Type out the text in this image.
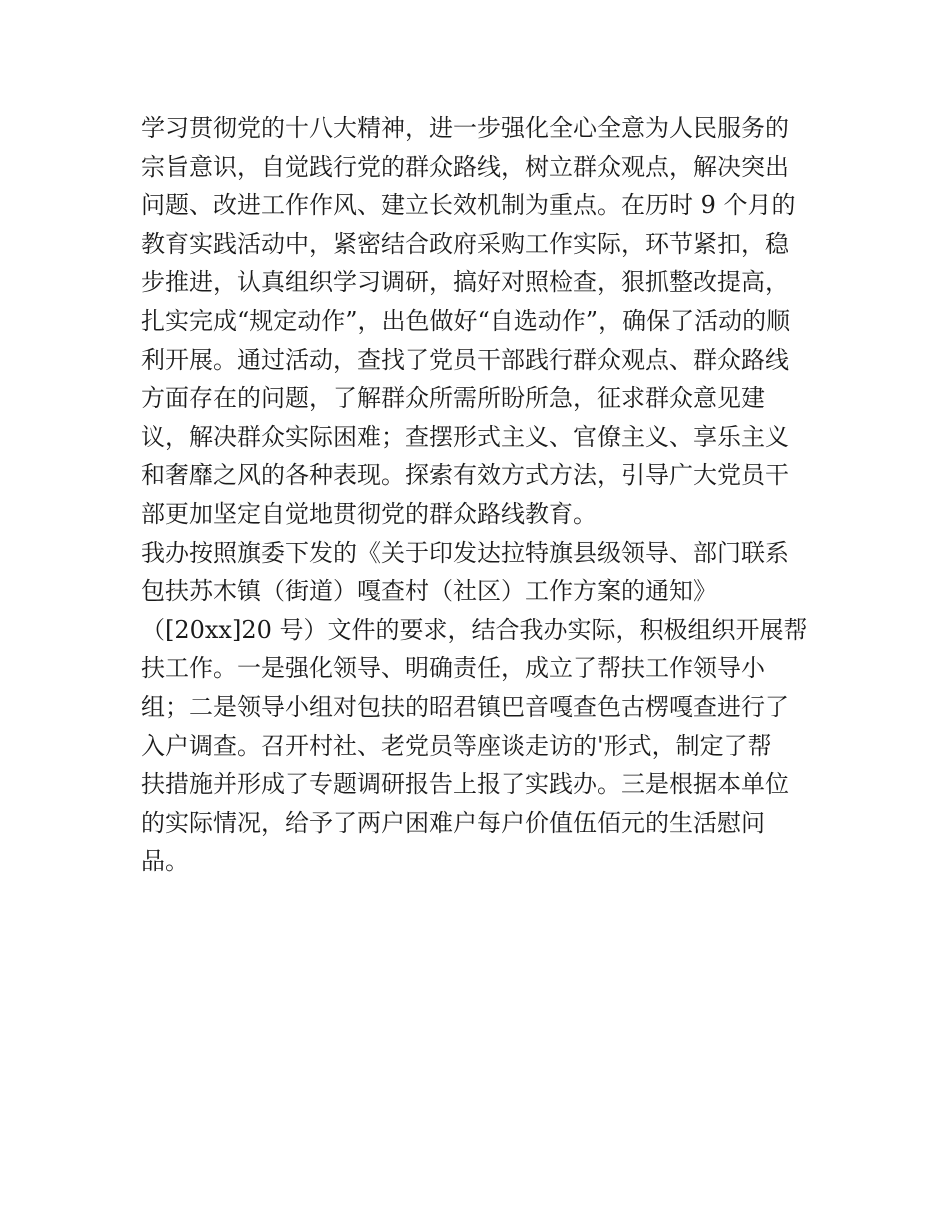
学习贯彻党的十八大精神，进一步强化全心全意为人民服务的
宗旨意识，自觉践行党的群众路线，树立群众观点，解决突出
问题、改进工作作风、建立长效机制为重点。在历时 9 个月的
教育实践活动中，紧密结合政府采购工作实际，环节紧扣，稳
步推进，认真组织学习调研，搞好对照检查，狠抓整改提高，
扎实完成“规定动作”，出色做好“自选动作”，确保了活动的顺
利开展。通过活动，查找了党员干部践行群众观点、群众路线
方面存在的问题，了解群众所需所盼所急，征求群众意见建
议，解决群众实际困难；查摆形式主义、官僚主义、享乐主义
和奢靡之风的各种表现。探索有效方式方法，引导广大党员干
部更加坚定自觉地贯彻党的群众路线教育。
我办按照旗委下发的《关于印发达拉特旗县级领导、部门联系
包扶苏木镇（街道）嘎查村（社区）工作方案的通知》
（[20xx]20 号）文件的要求，结合我办实际，积极组织开展帮
扶工作。一是强化领导、明确责任，成立了帮扶工作领导小
组；二是领导小组对包扶的昭君镇巴音嘎查色古楞嘎查进行了
入户调查。召开村社、老党员等座谈走访的'形式，制定了帮
扶措施并形成了专题调研报告上报了实践办。三是根据本单位
的实际情况，给予了两户困难户每户价值伍佰元的生活慰问
品。
